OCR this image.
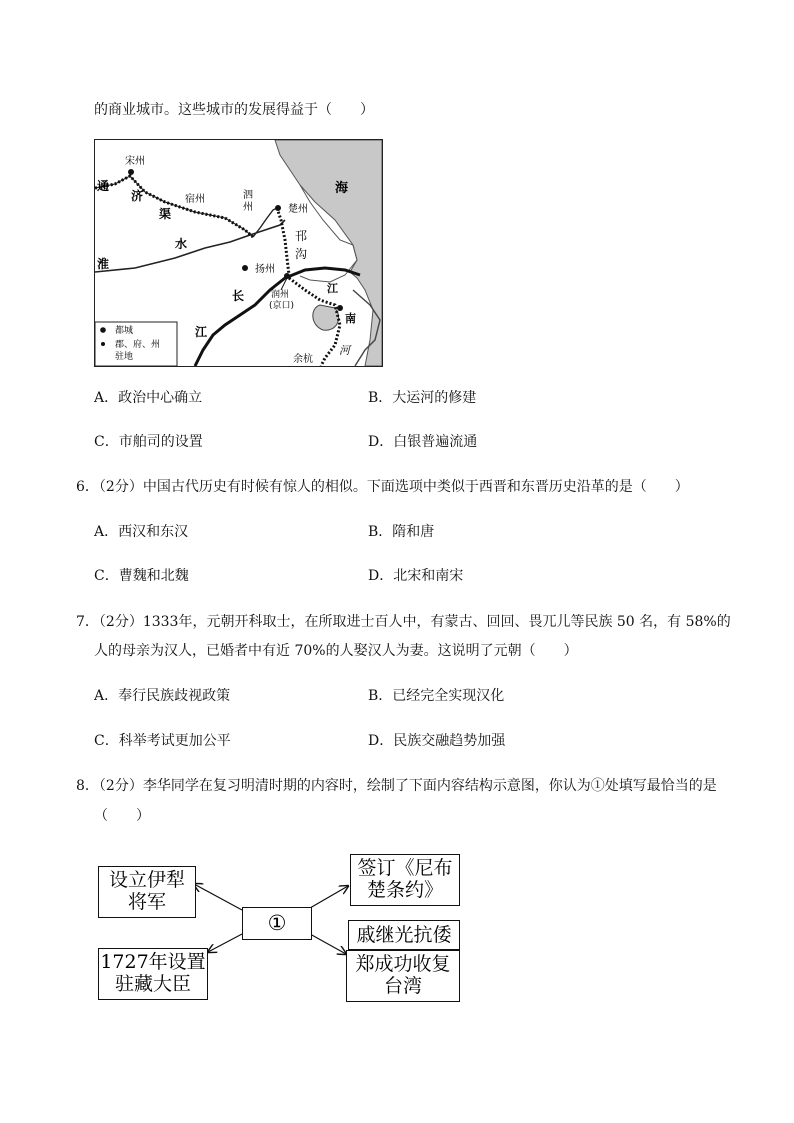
的商业城市。这些城市的发展得益于（　　）
宋州
通
济
渠
宿州	泗
州	楚州
邗
沟
海
水
淮	扬州
长	润州
(京口)
江
南
江
余杭
河
都城
郡、府、州
驻地
A．政治中心确立	B．大运河的修建
C．市舶司的设置	D．白银普遍流通
6．（2分）中国古代历史有时候有惊人的相似。下面选项中类似于西晋和东晋历史沿革的是（　　）
A．西汉和东汉	B．隋和唐
C．曹魏和北魏	D．北宋和南宋
7．（2分）1333年，元朝开科取士，在所取进士百人中，有蒙古、回回、畏兀儿等民族 50 名，有 58%的
人的母亲为汉人，已婚者中有近 70%的人娶汉人为妻。这说明了元朝（　　）
A．奉行民族歧视政策	B．已经完全实现汉化
C．科举考试更加公平	D．民族交融趋势加强
8．（2分）李华同学在复习明清时期的内容时，绘制了下面内容结构示意图，你认为①处填写最恰当的是
（　　）
设立伊犁
将军
1727年设置
驻藏大臣
①
签订《尼布
楚条约》
戚继光抗倭
郑成功收复
台湾
